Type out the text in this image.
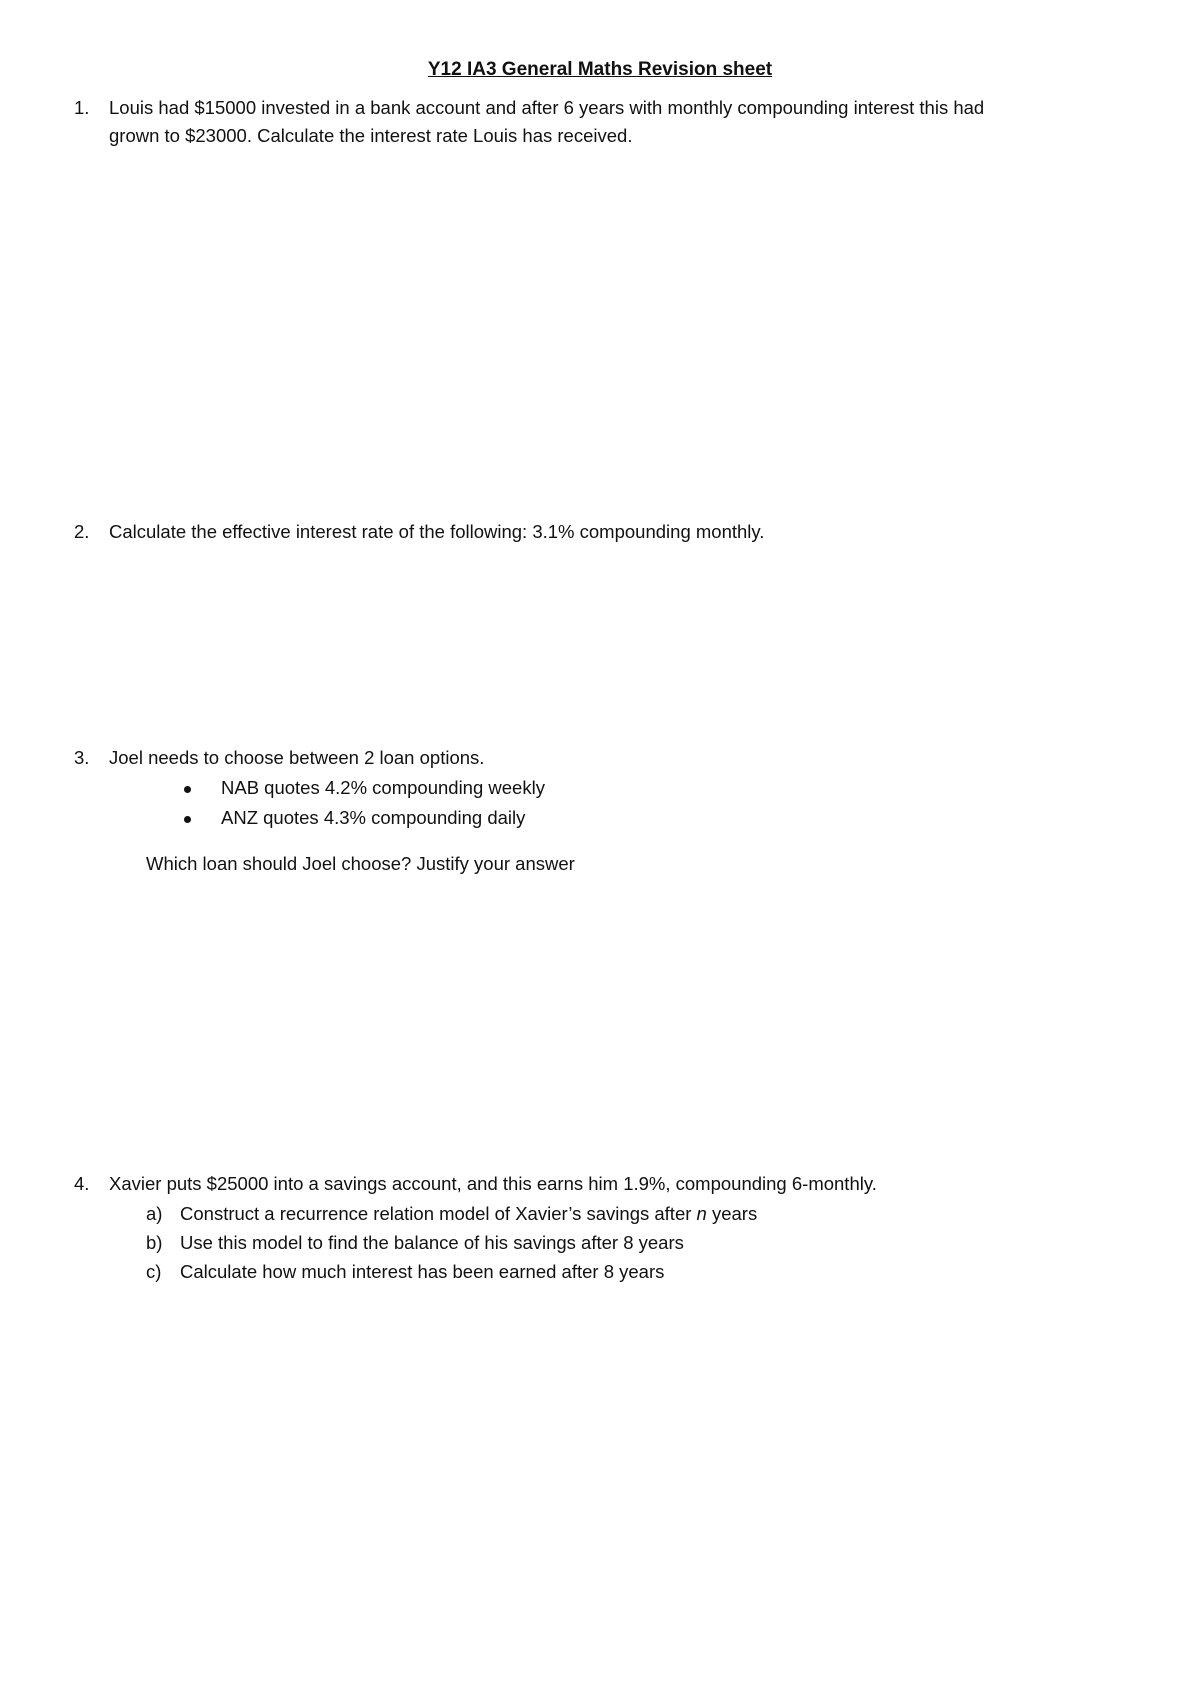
Y12 IA3 General Maths Revision sheet
1.	Louis had $15000 invested in a bank account and after 6 years with monthly compounding interest this had
grown to $23000. Calculate the interest rate Louis has received.
2.	Calculate the effective interest rate of the following: 3.1% compounding monthly.
3.	Joel needs to choose between 2 loan options.
NAB quotes 4.2% compounding weekly
ANZ quotes 4.3% compounding daily
Which loan should Joel choose? Justify your answer
4.	Xavier puts $25000 into a savings account, and this earns him 1.9%, compounding 6-monthly.
a) Construct a recurrence relation model of Xavier’s savings after n years
b) Use this model to find the balance of his savings after 8 years
c) Calculate how much interest has been earned after 8 years
